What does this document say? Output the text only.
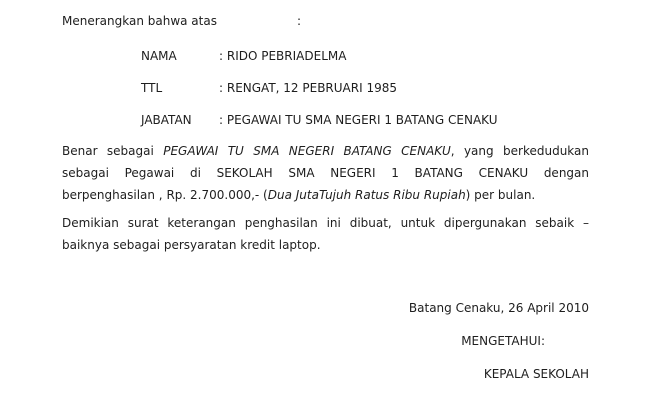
Menerangkan bahwa atas	:
NAMA	: RIDO PEBRIADELMA
TTL	: RENGAT, 12 PEBRUARI 1985
JABATAN : PEGAWAI TU SMA NEGERI 1 BATANG CENAKU
Benar sebagai PEGAWAI TU SMA NEGERI BATANG CENAKU, yang berkedudukan
sebagai Pegawai di SEKOLAH SMA NEGERI 1 BATANG CENAKU dengan
berpenghasilan , Rp. 2.700.000,- (Dua JutaTujuh Ratus Ribu Rupiah) per bulan.
Demikian surat keterangan penghasilan ini dibuat, untuk dipergunakan sebaik –
baiknya sebagai persyaratan kredit laptop.
Batang Cenaku, 26 April 2010
MENGETAHUI:
KEPALA SEKOLAH
